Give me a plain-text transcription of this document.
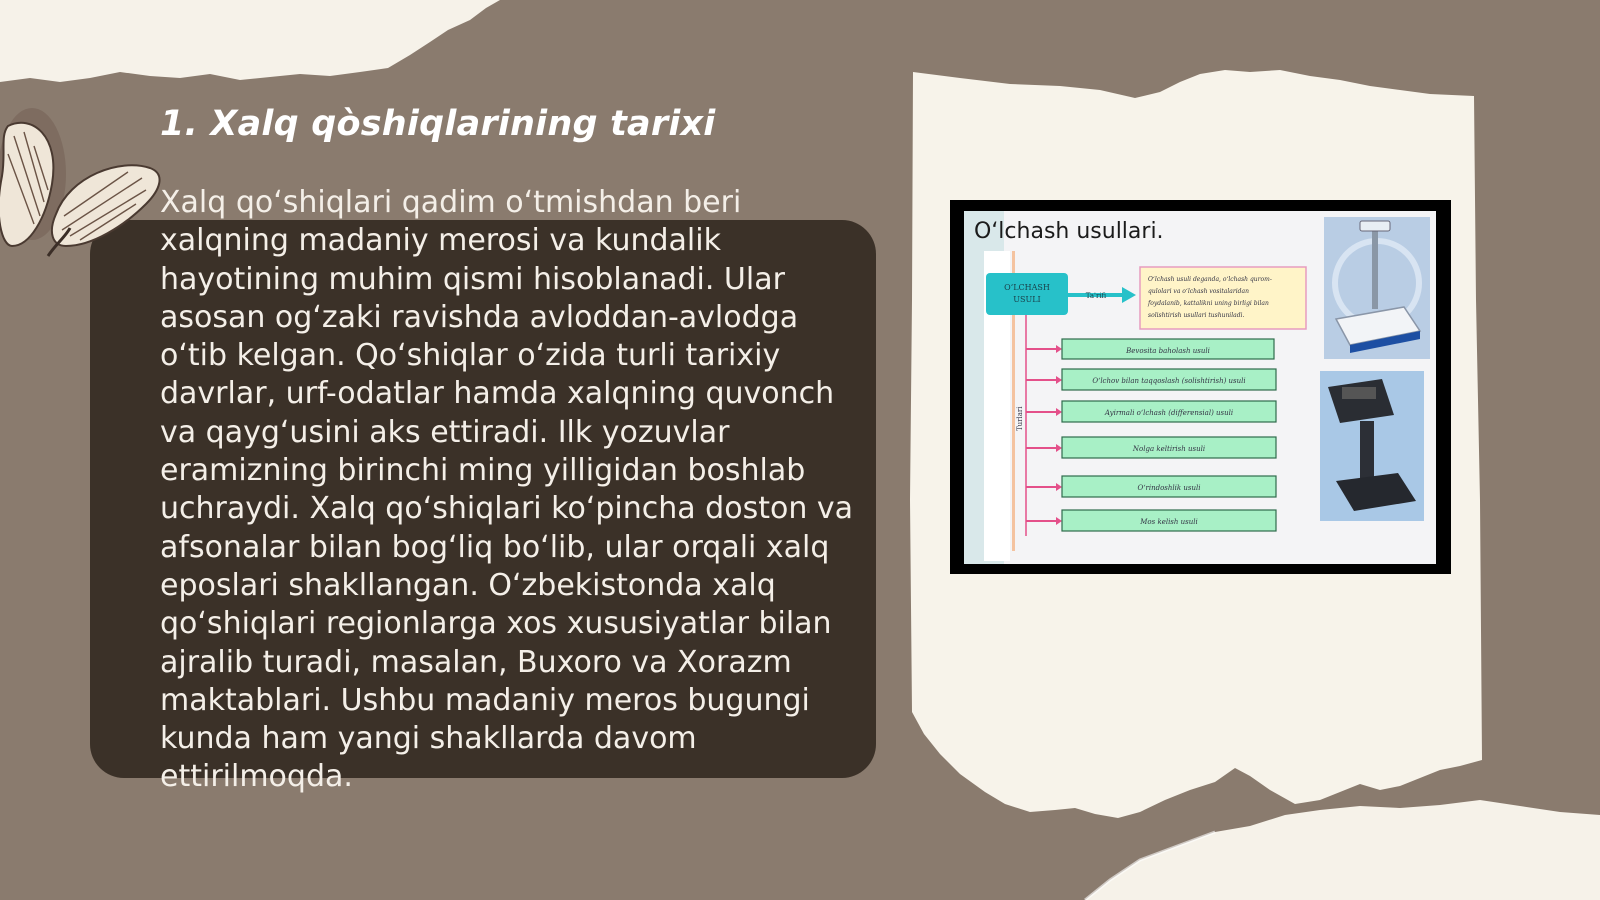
1. Xalq qòshiqlarining tarixi

Xalq qo‘shiqlari qadim o‘tmishdan beri xalqning madaniy merosi va kundalik hayotining muhim qismi hisoblanadi. Ular asosan og‘zaki ravishda avloddan-avlodga o‘tib kelgan. Qo‘shiqlar o‘zida turli tarixiy davrlar, urf-odatlar hamda xalqning quvonch va qayg‘usini aks ettiradi. Ilk yozuvlar eramizning birinchi ming yilligidan boshlab uchraydi. Xalq qo‘shiqlari ko‘pincha doston va afsonalar bilan bog‘liq bo‘lib, ular orqali xalq eposlari shakllangan. O‘zbekistonda xalq qo‘shiqlari regionlarga xos xususiyatlar bilan ajralib turadi, masalan, Buxoro va Xorazm maktablari. Ushbu madaniy meros bugungi kunda ham yangi shakllarda davom ettirilmoqda.

O‘LCHASH
USULI	Ta'rifi
O‘lchash usuli deganda, o‘lchash qurom-
qulolari va o‘lchash vositalaridan
foydalanib, kattalikni uning birligi bilan
solishtirish usullari tushuniladi.
Turlari
Bevosita baholash usuli
O‘lchov bilan taqqoslash (solishtirish) usuli
Ayirmali o‘lchash (differensial) usuli
Nolga keltirish usuli
O‘rindoshlik usuli
Mos kelish usuli

O‘lchash usullari.
